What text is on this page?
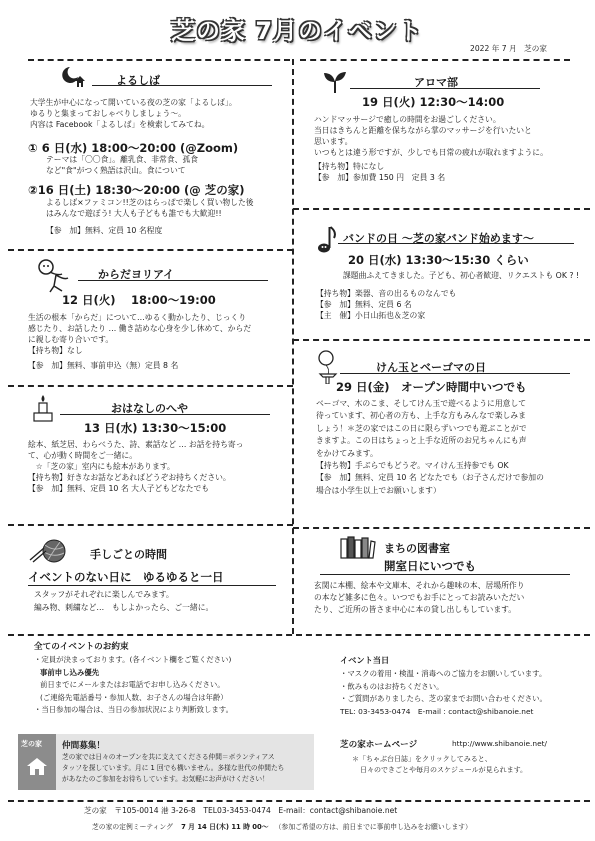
芝の家 7月のイベント
2022 年 7 月　芝の家
よるしば
大学生が中心になって開いている夜の芝の家「よるしば」。
ゆるりと集まっておしゃべりしましょう～。
内容は Facebook「よるしば」を検索してみてね。
① 6 日(水) 18:00～20:00 (@Zoom)
テーマは「〇〇食」。離乳食、非常食、孤食
など"食"がつく熟語は沢山。食について
②16 日(土) 18:30～20:00 (@ 芝の家)
よるしば×ファミコン!!芝のはらっぱで楽しく買い物した後
はみんなで遊ぼう! 大人も子どもも誰でも大歓迎!!
【参　加】無料、定員 10 名程度
からだヨリアイ
12 日(火)　 18:00～19:00
生活の根本「からだ」について…ゆるく動かしたり、じっくり
感じたり、お話したり … 働き詰めな心身を少し休めて、からだ
に親しむ寄り合いです。
【持ち物】なし
【参　加】無料、事前申込（無）定員 8 名
おはなしのへや
13 日(水) 13:30～15:00
絵本、紙芝居、わらべうた、詩、素話など … お話を持ち寄っ
て、心が動く時間をご一緒に。
　☆「芝の家」室内にも絵本があります。
【持ち物】好きなお話などあればどうぞお持ちください。
【参　加】無料、定員 10 名 大人子どもどなたでも
手しごとの時間
イベントのない日に　ゆるゆると一日
スタッフがそれぞれに楽しんでみます。
編み物、刺繍など…　もしよかったら、ご一緒に。
アロマ部
19 日(火) 12:30～14:00
ハンドマッサージで癒しの時間をお過ごしください。
当日はきちんと距離を保ちながら掌のマッサージを行いたいと
思います。
いつもとは違う形ですが、少しでも日常の疲れが取れますように。
【持ち物】特になし
【参　加】参加費 150 円　定員 3 名
バンドの日 ～芝の家バンド始めます～
20 日(水) 13:30～15:30 くらい
課題曲ふえてきました。子ども、初心者歓迎、リクエストも OK ? !
【持ち物】楽器、音の出るものなんでも
【参　加】無料、定員 6 名
【主　催】小日山拓也＆芝の家
けん玉とベーゴマの日
29 日(金)　オープン時間中いつでも
ベーゴマ、木のこま、そしてけん玉で遊べるように用意して
待っています、初心者の方も、上手な方もみんなで楽しみま
しょう！＊芝の家ではこの日に限らずいつでも遊ぶことがで
きますよ。この日はちょっと上手な近所のお兄ちゃんにも声
をかけてみます。
【持ち物】手ぶらでもどうぞ。マイけん玉持参でも OK
【参　加】無料、定員 10 名 どなたでも（お子さんだけで参加の
場合は小学生以上でお願いします）
まちの図書室
開室日にいつでも
玄関に本棚、絵本や文庫本、それから趣味の本、居場所作り
の本など雑多に色々。いつでもお手にとってお読みいただい
たり、ご近所の皆さま中心に本の貸し出しもしています。
全てのイベントのお約束
・定員が決まっております。(各イベント欄をご覧ください)
事前申し込み優先
前日までにメールまたはお電話でお申し込みください。
(ご連絡先電話番号・参加人数、お子さんの場合は年齢）
・当日参加の場合は、当日の参加状況により判断致します。
イベント当日
・マスクの着用・検温・消毒へのご協力をお願いしています。
・飲みものはお持ちください。
・ご質問がありましたら、芝の家までお問い合わせください。
TEL: 03-3453-0474　E-mail : contact@shibanoie.net
芝の家 仲間募集！
芝の家では日々のオープンを共に支えてくださる仲間＝ボランティアス
タッフを探しています。月に 1 回でも構いません。多様な世代の仲間たち
があなたのご参加をお待ちしています。お気軽にお声がけください！
芝の家ホームページ	http://www.shibanoie.net/
＊「ちゃぶ台日誌」をクリックしてみると、
日々のできごとや毎月のスケジュールが見られます。
芝の家　〒105-0014 港 3-26-8　TEL03-3453-0474　E-mail：contact@shibanoie.net
芝の家の定例ミーティング 7 月 14 日(木) 11 時 00～ （参加ご希望の方は、前日までに事前申し込みをお願いします）
